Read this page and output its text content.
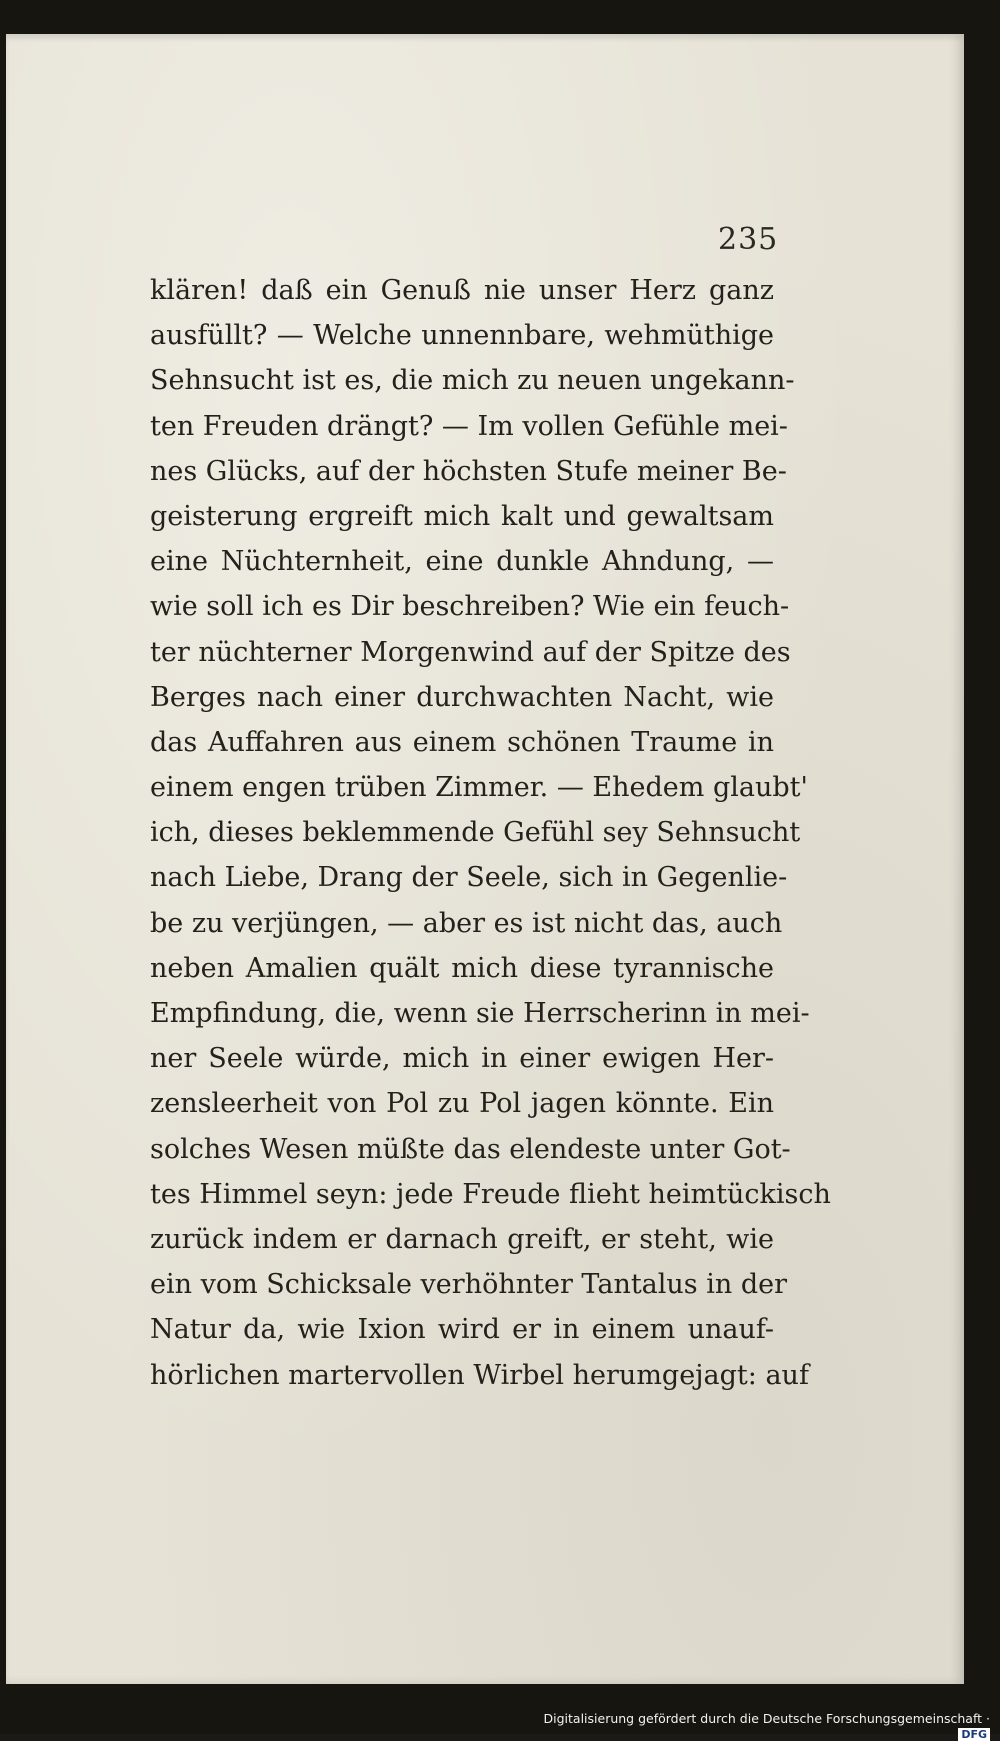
235
klären! daß ein Genuß nie unser Herz ganz
ausfüllt? — Welche unnennbare, wehmüthige
Sehnsucht ist es, die mich zu neuen ungekann-
ten Freuden drängt? — Im vollen Gefühle mei-
nes Glücks, auf der höchsten Stufe meiner Be-
geisterung ergreift mich kalt und gewaltsam
eine Nüchternheit, eine dunkle Ahndung, —
wie soll ich es Dir beschreiben? Wie ein feuch-
ter nüchterner Morgenwind auf der Spitze des
Berges nach einer durchwachten Nacht, wie
das Auffahren aus einem schönen Traume in
einem engen trüben Zimmer. — Ehedem glaubt'
ich, dieses beklemmende Gefühl sey Sehnsucht
nach Liebe, Drang der Seele, sich in Gegenlie-
be zu verjüngen, — aber es ist nicht das, auch
neben Amalien quält mich diese tyrannische
Empfindung, die, wenn sie Herrscherinn in mei-
ner Seele würde, mich in einer ewigen Her-
zensleerheit von Pol zu Pol jagen könnte. Ein
solches Wesen müßte das elendeste unter Got-
tes Himmel seyn: jede Freude flieht heimtückisch
zurück indem er darnach greift, er steht, wie
ein vom Schicksale verhöhnter Tantalus in der
Natur da, wie Ixion wird er in einem unauf-
hörlichen martervollen Wirbel herumgejagt: auf
Digitalisierung gefördert durch die Deutsche Forschungsgemeinschaft · DFG
